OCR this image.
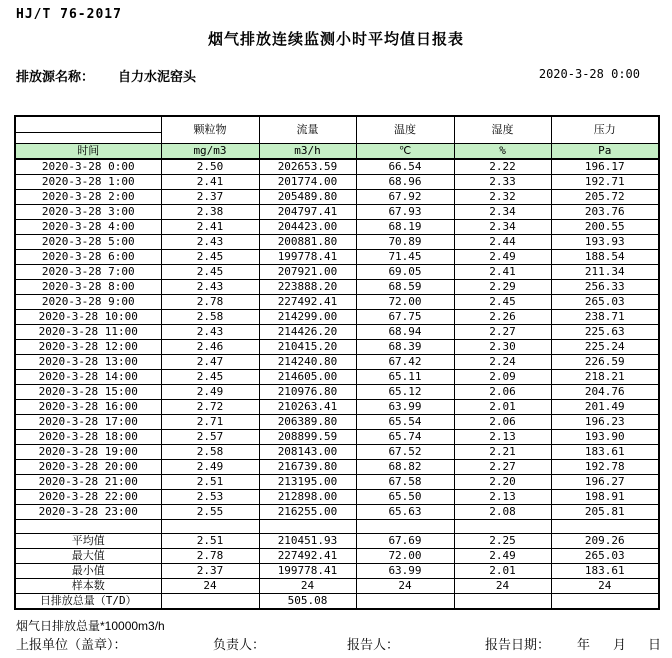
HJ/T 76-2017
烟气排放连续监测小时平均值日报表
排放源名称： 自力水泥窑头	2020-3-28 0:00
	颗粒物	流量	温度	湿度	压力

时间	mg/m3	m3/h	℃	%	Pa
2020-3-28 0:00	2.50	202653.59	66.54	2.22	196.17
2020-3-28 1:00	2.41	201774.00	68.96	2.33	192.71
2020-3-28 2:00	2.37	205489.80	67.92	2.32	205.72
2020-3-28 3:00	2.38	204797.41	67.93	2.34	203.76
2020-3-28 4:00	2.41	204423.00	68.19	2.34	200.55
2020-3-28 5:00	2.43	200881.80	70.89	2.44	193.93
2020-3-28 6:00	2.45	199778.41	71.45	2.49	188.54
2020-3-28 7:00	2.45	207921.00	69.05	2.41	211.34
2020-3-28 8:00	2.43	223888.20	68.59	2.29	256.33
2020-3-28 9:00	2.78	227492.41	72.00	2.45	265.03
2020-3-28 10:00	2.58	214299.00	67.75	2.26	238.71
2020-3-28 11:00	2.43	214426.20	68.94	2.27	225.63
2020-3-28 12:00	2.46	210415.20	68.39	2.30	225.24
2020-3-28 13:00	2.47	214240.80	67.42	2.24	226.59
2020-3-28 14:00	2.45	214605.00	65.11	2.09	218.21
2020-3-28 15:00	2.49	210976.80	65.12	2.06	204.76
2020-3-28 16:00	2.72	210263.41	63.99	2.01	201.49
2020-3-28 17:00	2.71	206389.80	65.54	2.06	196.23
2020-3-28 18:00	2.57	208899.59	65.74	2.13	193.90
2020-3-28 19:00	2.58	208143.00	67.52	2.21	183.61
2020-3-28 20:00	2.49	216739.80	68.82	2.27	192.78
2020-3-28 21:00	2.51	213195.00	67.58	2.20	196.27
2020-3-28 22:00	2.53	212898.00	65.50	2.13	198.91
2020-3-28 23:00	2.55	216255.00	65.63	2.08	205.81

平均值	2.51	210451.93	67.69	2.25	209.26
最大值	2.78	227492.41	72.00	2.49	265.03
最小值	2.37	199778.41	63.99	2.01	183.61
样本数	24	24	24	24	24
日排放总量（T/D）		505.08			
烟气日排放总量*10000m3/h
上报单位（盖章）：	负责人：	报告人：	报告日期： 年 月 日
